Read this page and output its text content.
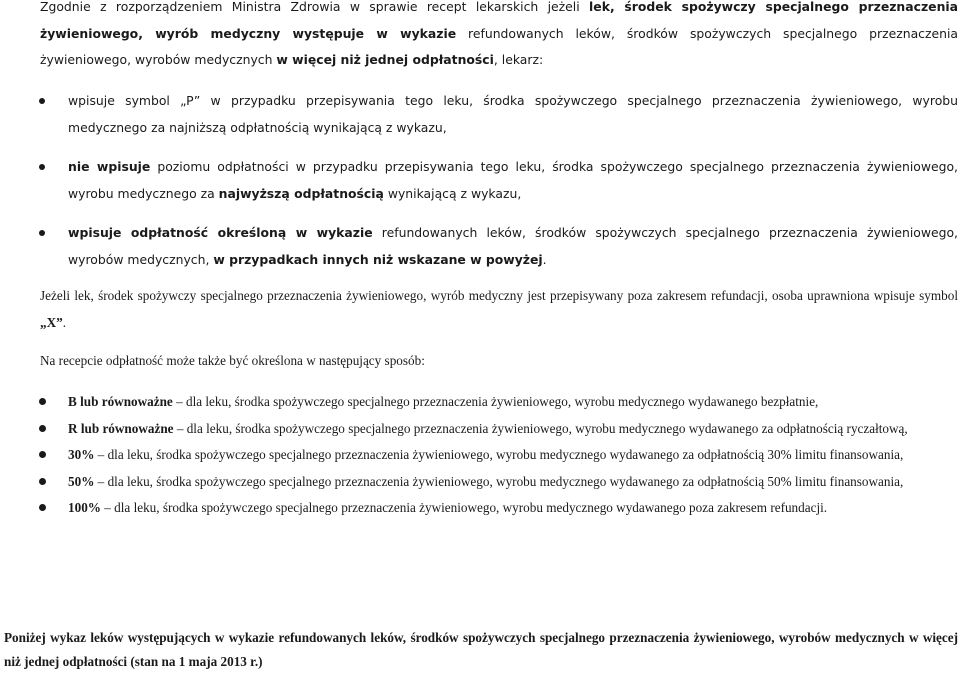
Zgodnie z rozporządzeniem Ministra Zdrowia w sprawie recept lekarskich jeżeli lek, środek spożywczy specjalnego przeznaczenia żywieniowego, wyrób medyczny występuje w wykazie refundowanych leków, środków spożywczych specjalnego przeznaczenia żywieniowego, wyrobów medycznych w więcej niż jednej odpłatności, lekarz:

wpisuje symbol „P” w przypadku przepisywania tego leku, środka spożywczego specjalnego przeznaczenia żywieniowego, wyrobu medycznego za najniższą odpłatnością wynikającą z wykazu,
nie wpisuje poziomu odpłatności w przypadku przepisywania tego leku, środka spożywczego specjalnego przeznaczenia żywieniowego, wyrobu medycznego za najwyższą odpłatnością wynikającą z wykazu,
wpisuje odpłatność określoną w wykazie refundowanych leków, środków spożywczych specjalnego przeznaczenia żywieniowego, wyrobów medycznych, w przypadkach innych niż wskazane w powyżej.

Jeżeli lek, środek spożywczy specjalnego przeznaczenia żywieniowego, wyrób medyczny jest przepisywany poza zakresem refundacji, osoba uprawniona wpisuje symbol „X”.

Na recepcie odpłatność może także być określona w następujący sposób:

B lub równoważne – dla leku, środka spożywczego specjalnego przeznaczenia żywieniowego, wyrobu medycznego wydawanego bezpłatnie,
R lub równoważne – dla leku, środka spożywczego specjalnego przeznaczenia żywieniowego, wyrobu medycznego wydawanego za odpłatnością ryczałtową,
30% – dla leku, środka spożywczego specjalnego przeznaczenia żywieniowego, wyrobu medycznego wydawanego za odpłatnością 30% limitu finansowania,
50% – dla leku, środka spożywczego specjalnego przeznaczenia żywieniowego, wyrobu medycznego wydawanego za odpłatnością 50% limitu finansowania,
100% – dla leku, środka spożywczego specjalnego przeznaczenia żywieniowego, wyrobu medycznego wydawanego poza zakresem refundacji.

Poniżej wykaz leków występujących w wykazie refundowanych leków, środków spożywczych specjalnego przeznaczenia żywieniowego, wyrobów medycznych w więcej niż jednej odpłatności (stan na 1 maja 2013 r.)
